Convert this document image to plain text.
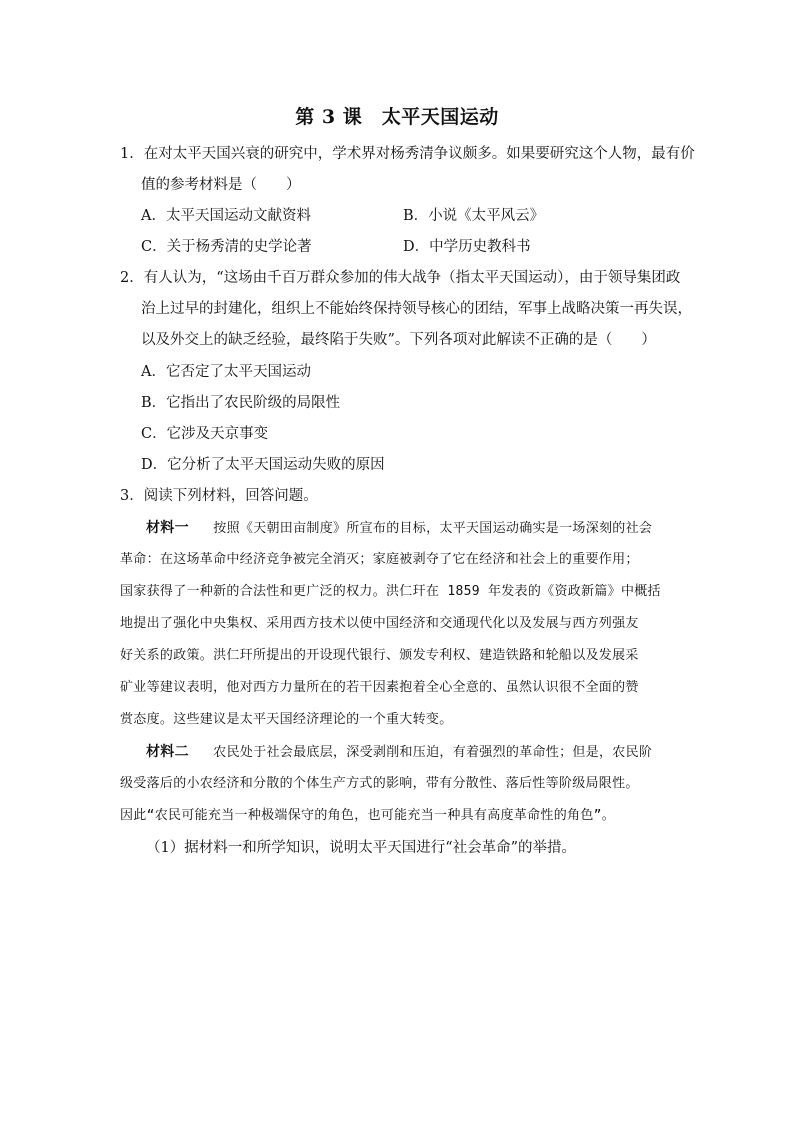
第 3 课　太平天国运动
1．在对太平天国兴衰的研究中，学术界对杨秀清争议颇多。如果要研究这个人物，最有价
值的参考材料是（　　）
A．太平天国运动文献资料	B．小说《太平风云》
C．关于杨秀清的史学论著	D．中学历史教科书
2．有人认为，“这场由千百万群众参加的伟大战争（指太平天国运动），由于领导集团政
治上过早的封建化，组织上不能始终保持领导核心的团结，军事上战略决策一再失误，
以及外交上的缺乏经验，最终陷于失败”。下列各项对此解读不正确的是（　　）
A．它否定了太平天国运动
B．它指出了农民阶级的局限性
C．它涉及天京事变
D．它分析了太平天国运动失败的原因
3．阅读下列材料，回答问题。
材料一 按照《天朝田亩制度》所宣布的目标，太平天国运动确实是一场深刻的社会
革命：在这场革命中经济竞争被完全消灭；家庭被剥夺了它在经济和社会上的重要作用；
国家获得了一种新的合法性和更广泛的权力。洪仁玕在 1859 年发表的《资政新篇》中概括
地提出了强化中央集权、采用西方技术以使中国经济和交通现代化以及发展与西方列强友
好关系的政策。洪仁玕所提出的开设现代银行、颁发专利权、建造铁路和轮船以及发展采
矿业等建议表明，他对西方力量所在的若干因素抱着全心全意的、虽然认识很不全面的赞
赏态度。这些建议是太平天国经济理论的一个重大转变。
材料二 农民处于社会最底层，深受剥削和压迫，有着强烈的革命性；但是，农民阶
级受落后的小农经济和分散的个体生产方式的影响，带有分散性、落后性等阶级局限性。
因此“农民可能充当一种极端保守的角色，也可能充当一种具有高度革命性的角色”。
（1）据材料一和所学知识，说明太平天国进行“社会革命”的举措。
